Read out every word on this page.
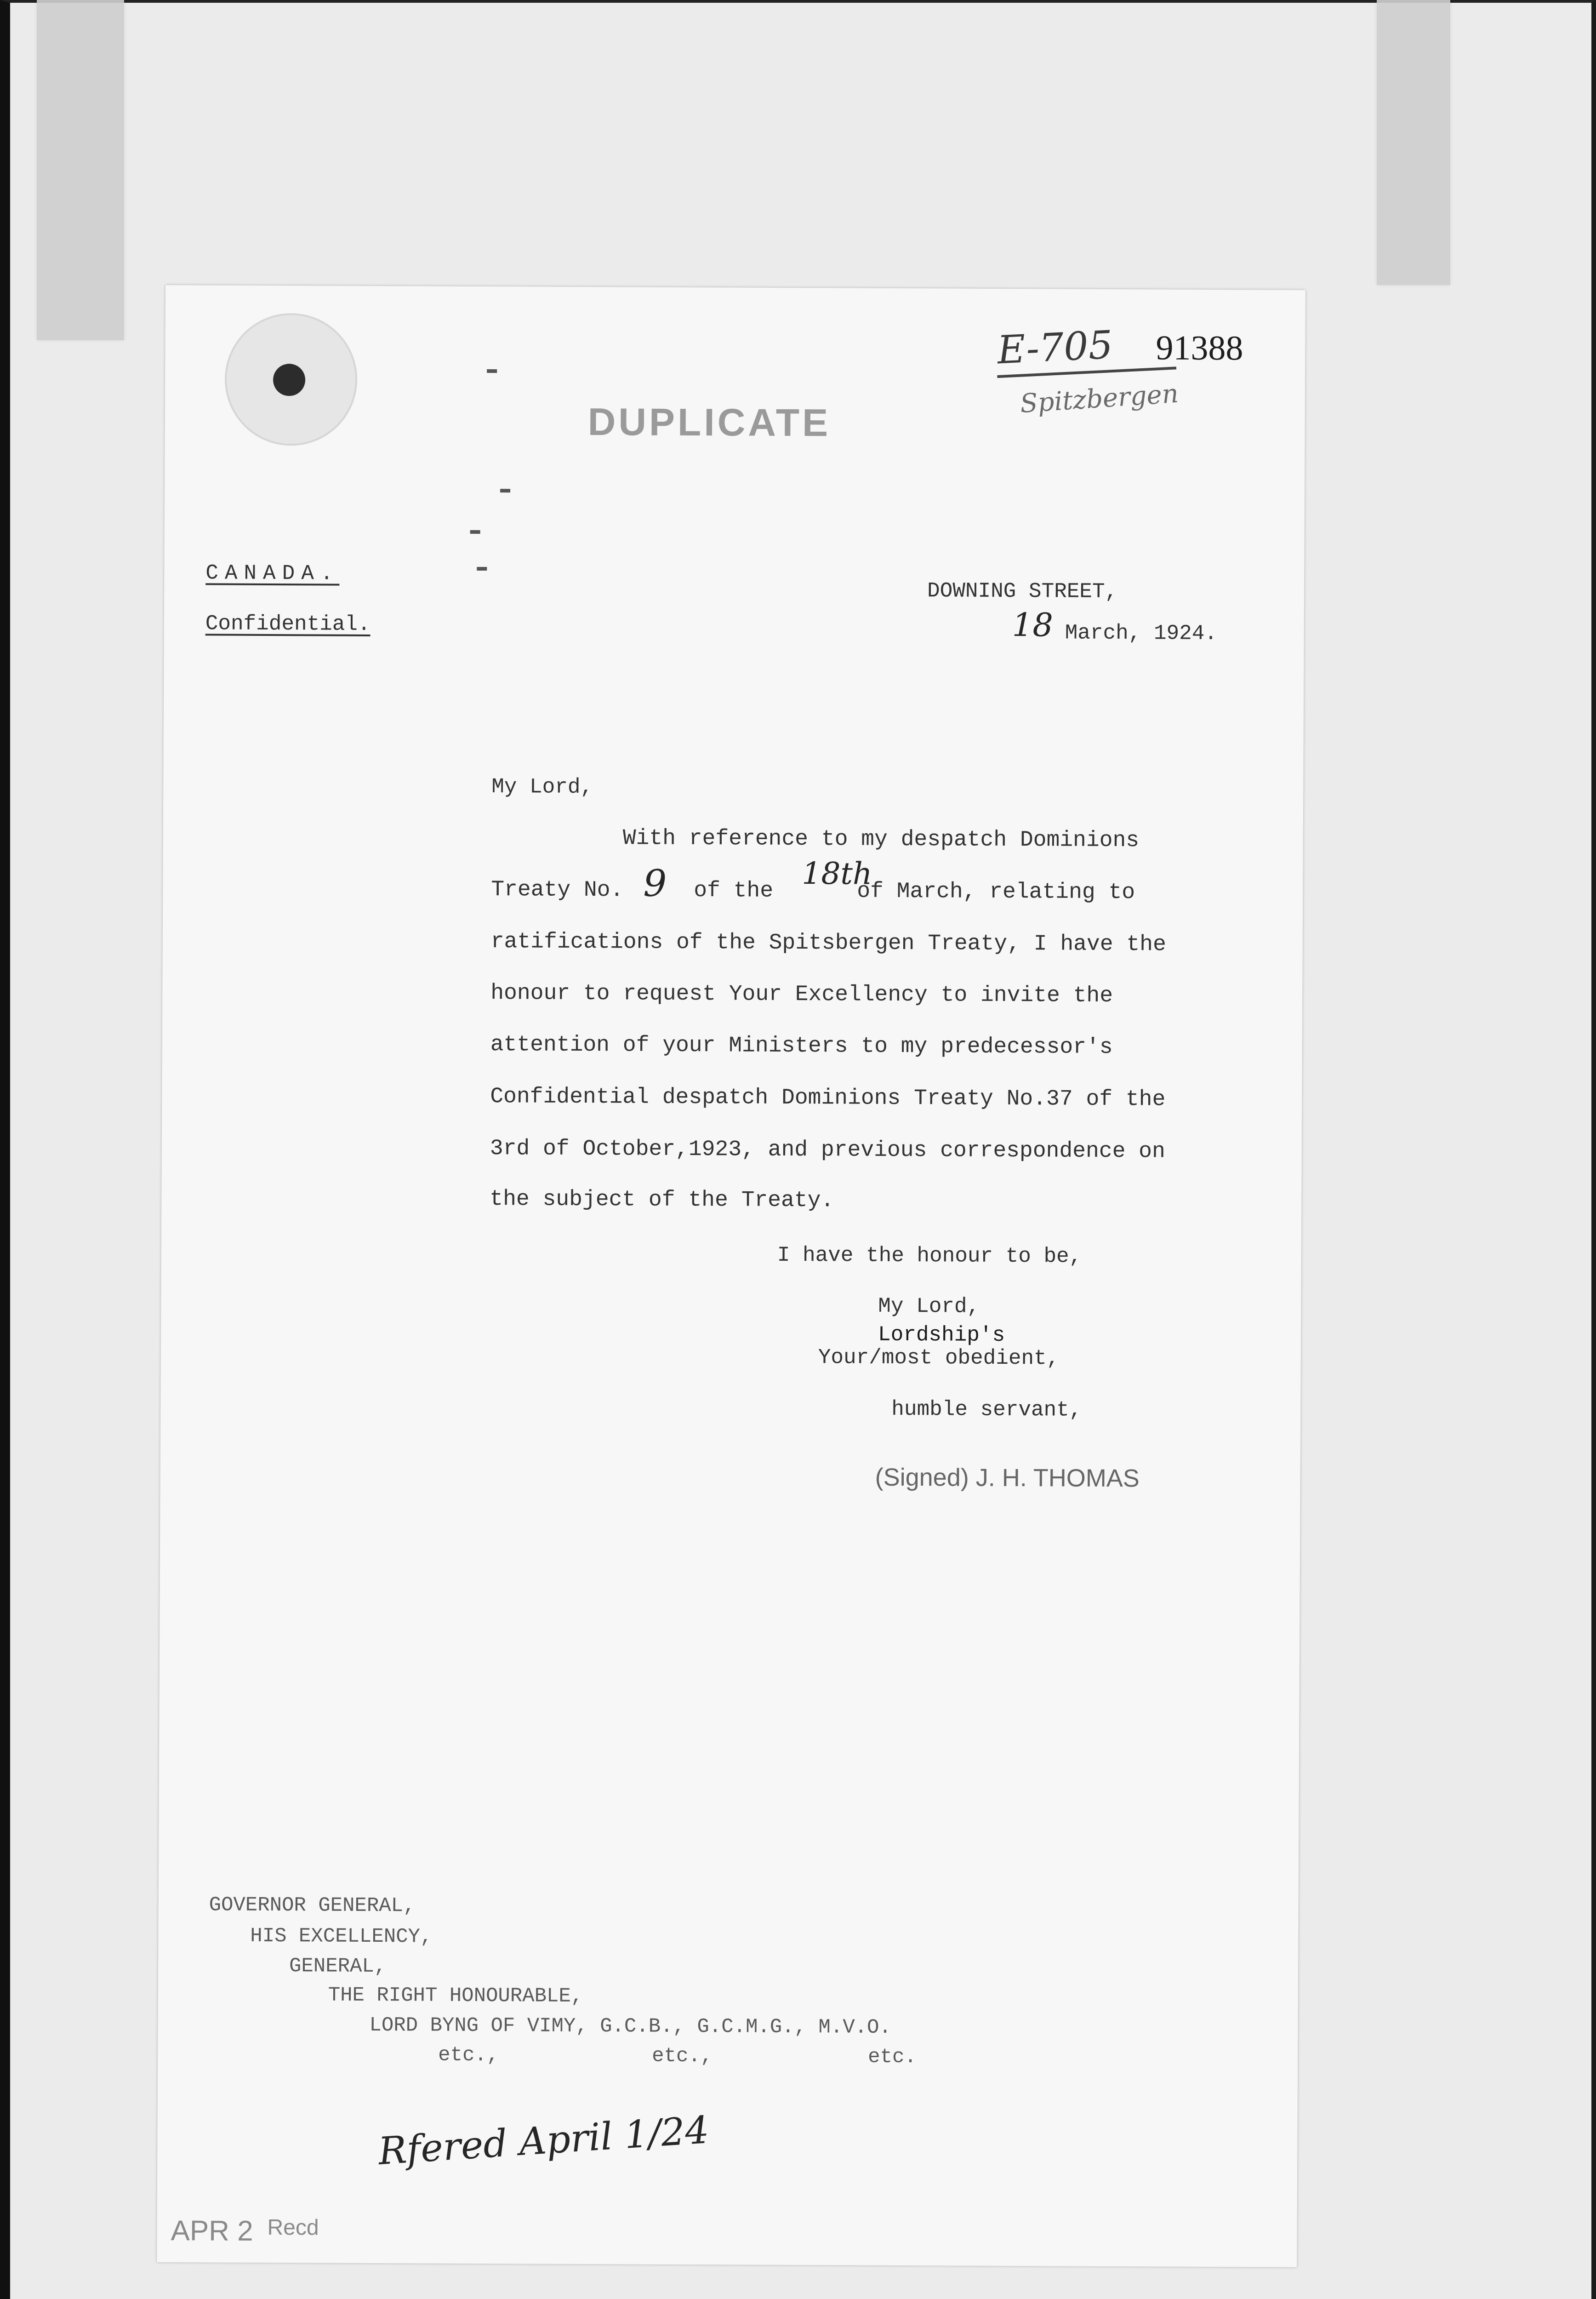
E-705 91388
Spitzbergen
DUPLICATE
CANADA.
Confidential.
DOWNING STREET,
18 March, 1924.
My Lord,
With reference to my despatch Dominions
Treaty No. 9 of the 18th
of March, relating to
ratifications of the Spitsbergen Treaty, I have the
honour to request Your Excellency to invite the
attention of your Ministers to my predecessor's
Confidential despatch Dominions Treaty No.37 of the
3rd of October,1923, and previous correspondence on
the subject of the Treaty.
I have the honour to be,
My Lord,
Lordship's
Your/most obedient,
humble servant,
(Signed) J. H. THOMAS
GOVERNOR GENERAL,
HIS EXCELLENCY,
GENERAL,
THE RIGHT HONOURABLE,
LORD BYNG OF VIMY, G.C.B., G.C.M.G., M.V.O.
etc.,	etc.,	etc.
Rfered April 1/24
APR 2 Recd
